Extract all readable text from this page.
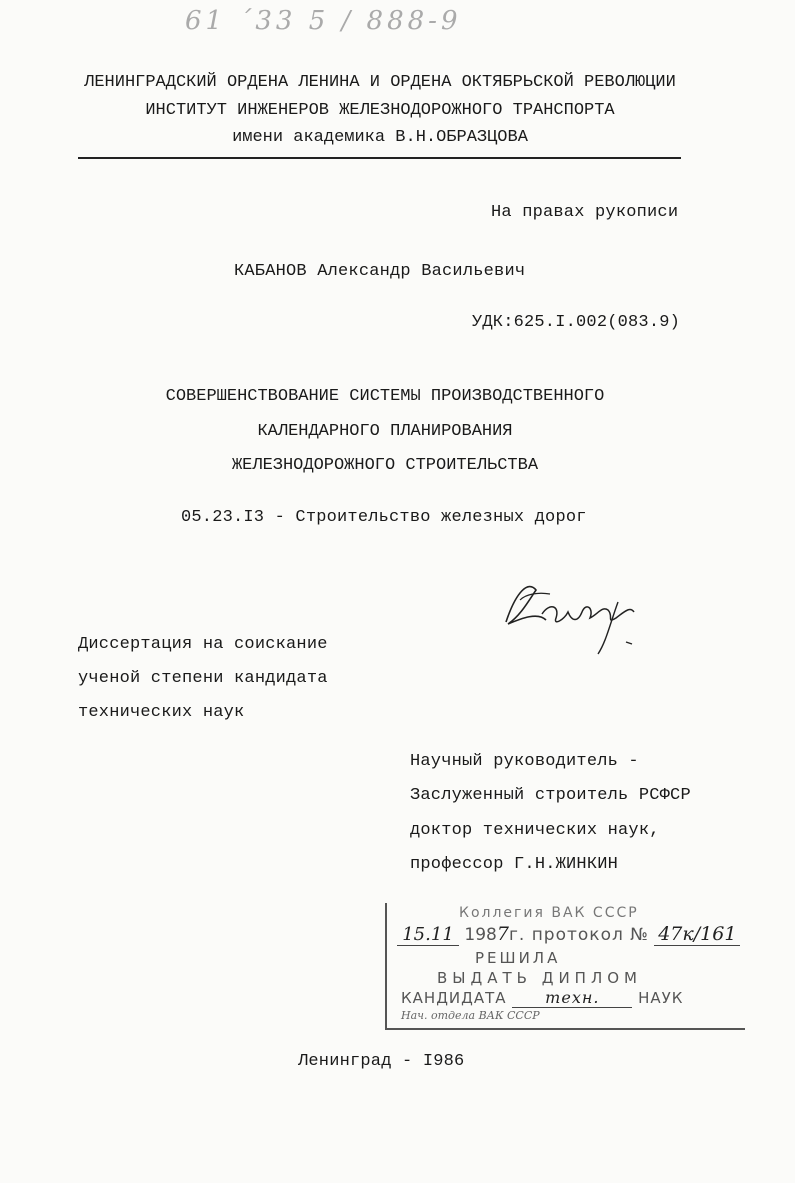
61 ΄33 5 / 888-9
ЛЕНИНГРАДСКИЙ ОРДЕНА ЛЕНИНА И ОРДЕНА ОКТЯБРЬСКОЙ РЕВОЛЮЦИИ
ИНСТИТУТ ИНЖЕНЕРОВ ЖЕЛЕЗНОДОРОЖНОГО ТРАНСПОРТА
имени академика В.Н.ОБРАЗЦОВА
На правах рукописи
КАБАНОВ Александр Васильевич
УДК:625.I.002(083.9)
СОВЕРШЕНСТВОВАНИЕ СИСТЕМЫ ПРОИЗВОДСТВЕННОГО
КАЛЕНДАРНОГО ПЛАНИРОВАНИЯ
ЖЕЛЕЗНОДОРОЖНОГО СТРОИТЕЛЬСТВА
05.23.I3 - Строительство железных дорог
Диссертация на соискание
ученой степени кандидата
технических наук
Научный руководитель -
Заслуженный строитель РСФСР
доктор технических наук,
профессор Г.Н.ЖИНКИН
Коллегия ВАК СССР
15.11 1987г. протокол № 47к/161
РЕШИЛА
ВЫДАТЬ ДИПЛОМ
КАНДИДАТА техн.	НАУК
Нач. отдела ВАК СССР
Ленинград - I986
